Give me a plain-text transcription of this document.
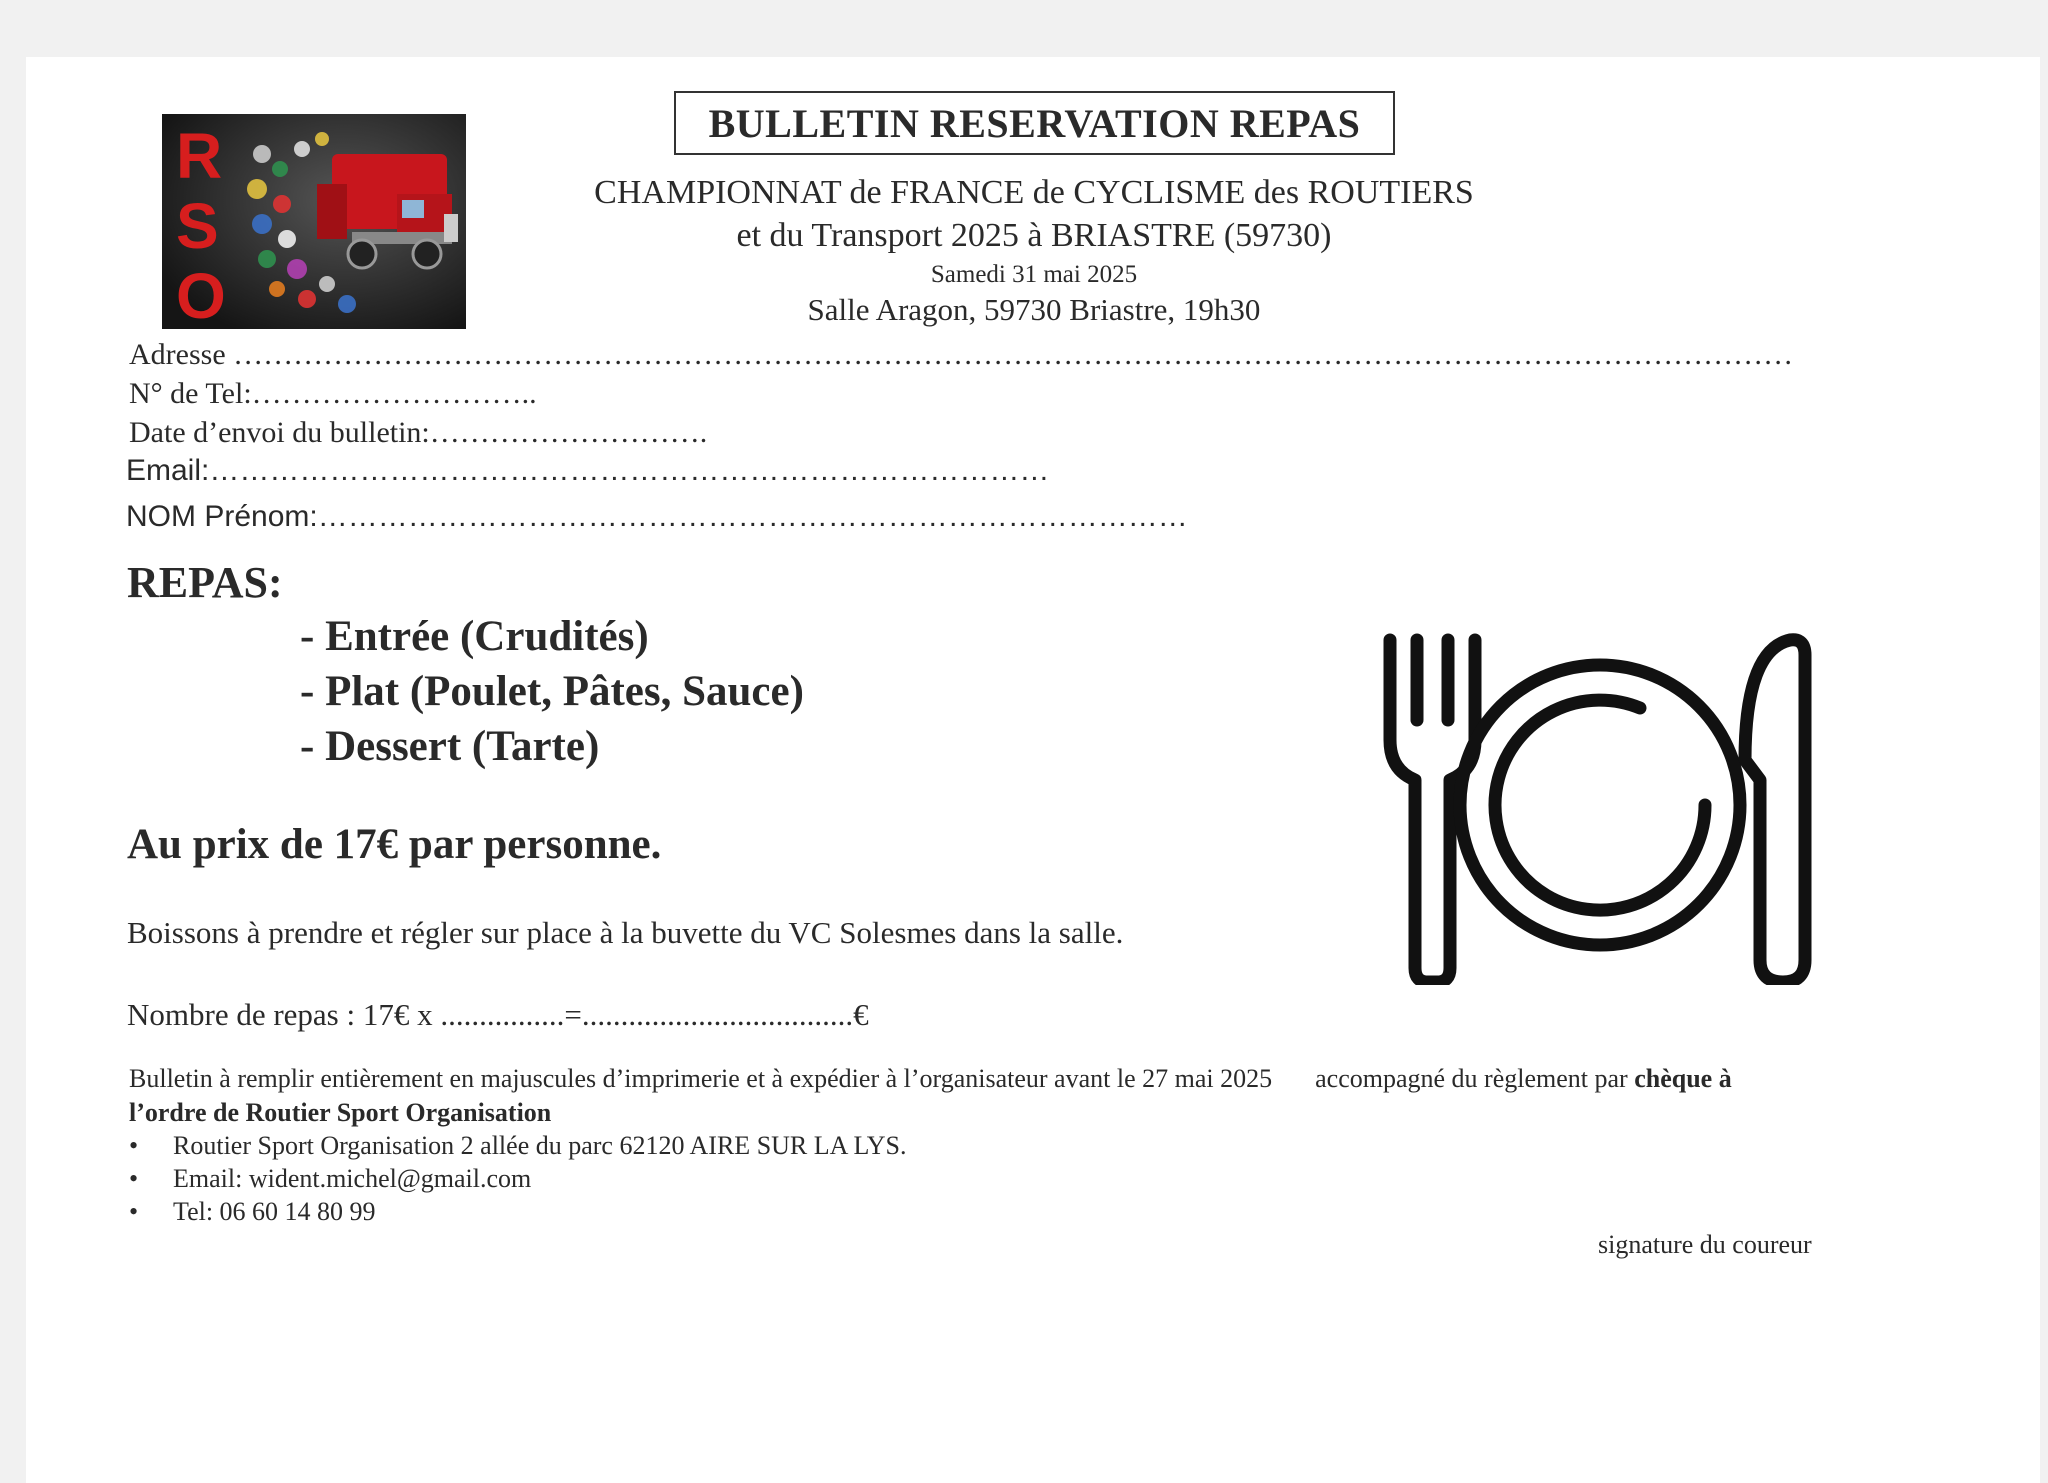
R
S
O
BULLETIN RESERVATION REPAS
CHAMPIONNAT de FRANCE de CYCLISME des ROUTIERS
et du Transport 2025 à BRIASTRE (59730)
Samedi 31 mai 2025
Salle Aragon, 59730 Briastre, 19h30
Adresse …………………………………………………………………………………………………………………………………………
N° de Tel:………………………..
Date d’envoi du bulletin:……………………….
Email:…………………………………………………………………………
NOM Prénom:……………………………………………………………………………
REPAS:
- Entrée (Crudités)
- Plat (Poulet, Pâtes, Sauce)
- Dessert (Tarte)
Au prix de 17€ par personne.
Boissons à prendre et régler sur place à la buvette du VC Solesmes dans la salle.
Nombre de repas : 17€ x ................=...................................€
Bulletin à remplir entièrement en majuscules d’imprimerie et à expédier à l’organisateur avant le 27 mai 2025 accompagné du règlement par chèque à
l’ordre de Routier Sport Organisation
• Routier Sport Organisation 2 allée du parc 62120 AIRE SUR LA LYS.
• Email: wident.michel@gmail.com
• Tel: 06 60 14 80 99
signature du coureur
